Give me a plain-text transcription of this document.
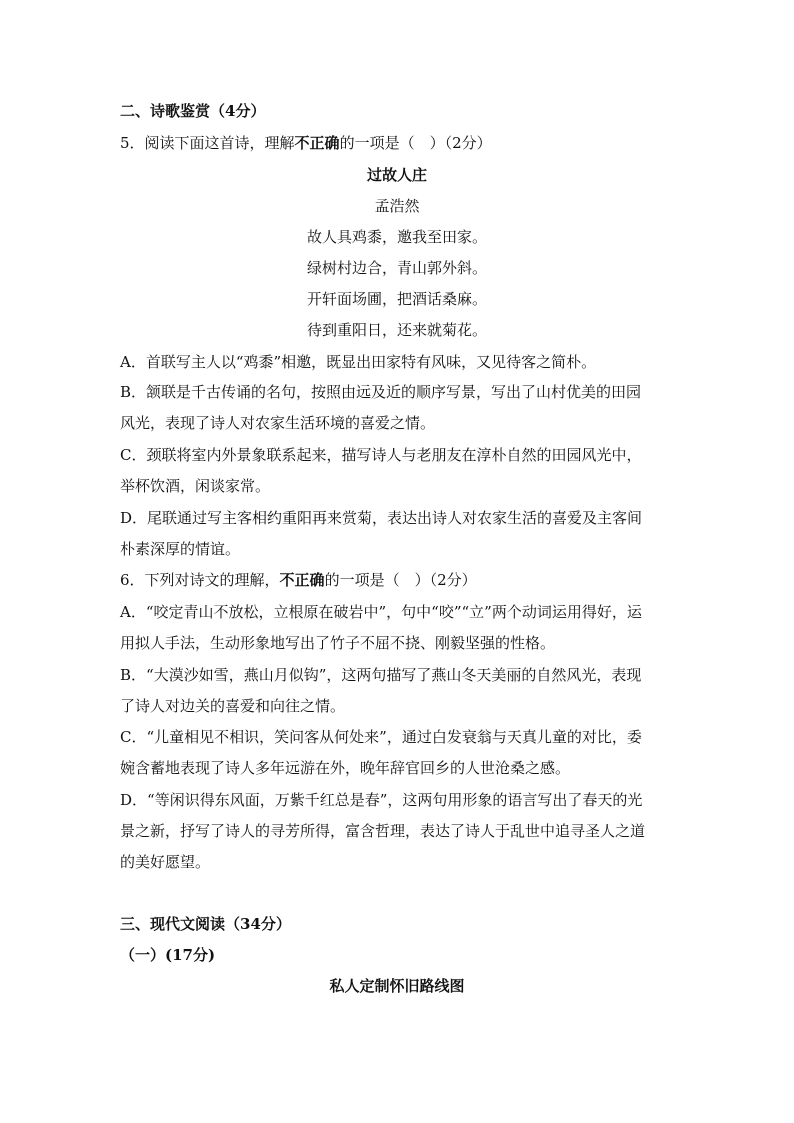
二、诗歌鉴赏（4分）
5．阅读下面这首诗，理解不正确的一项是（　）（2分）
过故人庄
孟浩然
故人具鸡黍，邀我至田家。
绿树村边合，青山郭外斜。
开轩面场圃，把酒话桑麻。
待到重阳日，还来就菊花。
A．首联写主人以“鸡黍”相邀，既显出田家特有风味，又见待客之简朴。
B．颔联是千古传诵的名句，按照由远及近的顺序写景，写出了山村优美的田园
风光，表现了诗人对农家生活环境的喜爱之情。
C．颈联将室内外景象联系起来，描写诗人与老朋友在淳朴自然的田园风光中，
举杯饮酒，闲谈家常。
D．尾联通过写主客相约重阳再来赏菊，表达出诗人对农家生活的喜爱及主客间
朴素深厚的情谊。
6．下列对诗文的理解，不正确的一项是（　）（2分）
A．“咬定青山不放松，立根原在破岩中”，句中“咬”“立”两个动词运用得好，运
用拟人手法，生动形象地写出了竹子不屈不挠、刚毅坚强的性格。
B．“大漠沙如雪，燕山月似钩”，这两句描写了燕山冬天美丽的自然风光，表现
了诗人对边关的喜爱和向往之情。
C．“儿童相见不相识，笑问客从何处来”，通过白发衰翁与天真儿童的对比，委
婉含蓄地表现了诗人多年远游在外，晚年辞官回乡的人世沧桑之感。
D．“等闲识得东风面，万紫千红总是春”，这两句用形象的语言写出了春天的光
景之新，抒写了诗人的寻芳所得，富含哲理，表达了诗人于乱世中追寻圣人之道
的美好愿望。
三、现代文阅读（34分）
（一）(17分)
私人定制怀旧路线图
